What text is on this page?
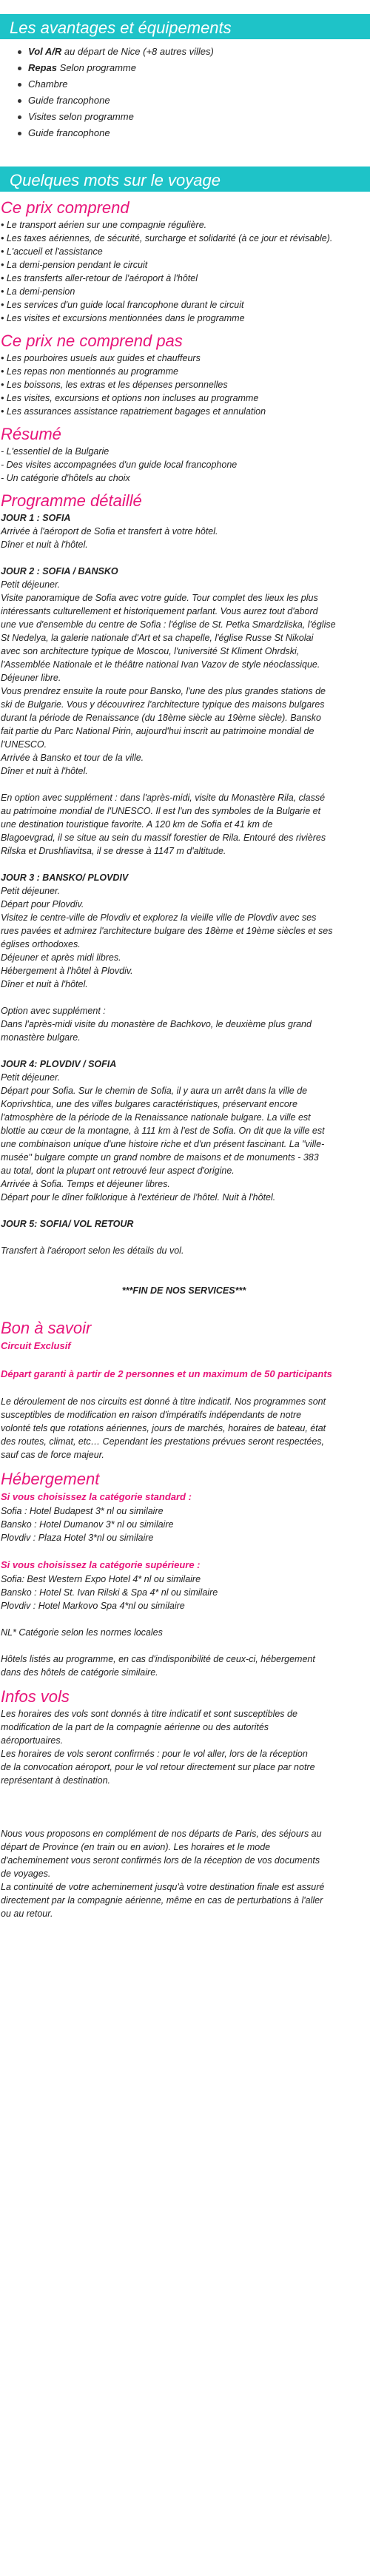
Les avantages et équipements
Vol A/R au départ de Nice (+8 autres villes)
Repas Selon programme
Chambre
Guide francophone
Visites selon programme
Guide francophone
Quelques mots sur le voyage
Ce prix comprend
• Le transport aérien sur une compagnie régulière.
• Les taxes aériennes, de sécurité, surcharge et solidarité (à ce jour et révisable).
• L'accueil et l'assistance
• La demi-pension pendant le circuit
• Les transferts aller-retour de l'aéroport à l'hôtel
• La demi-pension
• Les services d'un guide local francophone durant le circuit
• Les visites et excursions mentionnées dans le programme
Ce prix ne comprend pas
• Les pourboires usuels aux guides et chauffeurs
• Les repas non mentionnés au programme
• Les boissons, les extras et les dépenses personnelles
• Les visites, excursions et options non incluses au programme
• Les assurances assistance rapatriement bagages et annulation
Résumé
- L'essentiel de la Bulgarie
- Des visites accompagnées d'un guide local francophone
- Un catégorie d'hôtels au choix
Programme détaillé
JOUR 1 : SOFIA
Arrivée à l'aéroport de Sofia et transfert à votre hôtel.
Dîner et nuit à l'hôtel.

JOUR 2 : SOFIA / BANSKO
Petit déjeuner.
Visite panoramique de Sofia avec votre guide. Tour complet des lieux les plus
intéressants culturellement et historiquement parlant. Vous aurez tout d'abord
une vue d'ensemble du centre de Sofia : l'église de St. Petka Smardzliska, l'église
St Nedelya, la galerie nationale d'Art et sa chapelle, l'église Russe St Nikolai
avec son architecture typique de Moscou, l'université St Kliment Ohrdski,
l'Assemblée Nationale et le théâtre national Ivan Vazov de style néoclassique.
Déjeuner libre.
Vous prendrez ensuite la route pour Bansko, l'une des plus grandes stations de
ski de Bulgarie. Vous y découvrirez l'architecture typique des maisons bulgares
durant la période de Renaissance (du 18ème siècle au 19ème siècle). Bansko
fait partie du Parc National Pirin, aujourd'hui inscrit au patrimoine mondial de
l'UNESCO.
Arrivée à Bansko et tour de la ville.
Dîner et nuit à l'hôtel.

En option avec supplément : dans l'après-midi, visite du Monastère Rila, classé
au patrimoine mondial de l'UNESCO. Il est l'un des symboles de la Bulgarie et
une destination touristique favorite. A 120 km de Sofia et 41 km de
Blagoevgrad, il se situe au sein du massif forestier de Rila. Entouré des rivières
Rilska et Drushliavitsa, il se dresse à 1147 m d'altitude.

JOUR 3 : BANSKO/ PLOVDIV
Petit déjeuner.
Départ pour Plovdiv.
Visitez le centre-ville de Plovdiv et explorez la vieille ville de Plovdiv avec ses
rues pavées et admirez l'architecture bulgare des 18ème et 19ème siècles et ses
églises orthodoxes.
Déjeuner et après midi libres.
Hébergement à l'hôtel à Plovdiv.
Dîner et nuit à l'hôtel.

Option avec supplément :
Dans l'après-midi visite du monastère de Bachkovo, le deuxième plus grand
monastère bulgare.

JOUR 4: PLOVDIV / SOFIA
Petit déjeuner.
Départ pour Sofia. Sur le chemin de Sofia, il y aura un arrêt dans la ville de
Koprivshtica, une des villes bulgares caractéristiques, préservant encore
l'atmosphère de la période de la Renaissance nationale bulgare. La ville est
blottie au cœur de la montagne, à 111 km à l'est de Sofia. On dit que la ville est
une combinaison unique d'une histoire riche et d'un présent fascinant. La "ville-
musée" bulgare compte un grand nombre de maisons et de monuments - 383
au total, dont la plupart ont retrouvé leur aspect d'origine.
Arrivée à Sofia. Temps et déjeuner libres.
Départ pour le dîner folklorique à l'extérieur de l'hôtel. Nuit à l'hôtel.

JOUR 5: SOFIA/ VOL RETOUR

Transfert à l'aéroport selon les détails du vol.
***FIN DE NOS SERVICES***
Bon à savoir
Circuit Exclusif
Départ garanti à partir de 2 personnes et un maximum de 50 participants
Le déroulement de nos circuits est donné à titre indicatif. Nos programmes sont
susceptibles de modification en raison d'impératifs indépendants de notre
volonté tels que rotations aériennes, jours de marchés, horaires de bateau, état
des routes, climat, etc… Cependant les prestations prévues seront respectées,
sauf cas de force majeur.
Hébergement
Si vous choisissez la catégorie standard :
Sofia : Hotel Budapest 3* nl ou similaire
Bansko : Hotel Dumanov 3* nl ou similaire
Plovdiv : Plaza Hotel 3*nl ou similaire
Si vous choisissez la catégorie supérieure :
Sofia: Best Western Expo Hotel 4* nl ou similaire
Bansko : Hotel St. Ivan Rilski & Spa 4* nl ou similaire
Plovdiv : Hotel Markovo Spa 4*nl ou similaire
NL* Catégorie selon les normes locales
Hôtels listés au programme, en cas d'indisponibilité de ceux-ci, hébergement
dans des hôtels de catégorie similaire.
Infos vols
Les horaires des vols sont donnés à titre indicatif et sont susceptibles de
modification de la part de la compagnie aérienne ou des autorités
aéroportuaires.
Les horaires de vols seront confirmés : pour le vol aller, lors de la réception
de la convocation aéroport, pour le vol retour directement sur place par notre
représentant à destination.

Nous vous proposons en complément de nos départs de Paris, des séjours au
départ de Province (en train ou en avion). Les horaires et le mode
d'acheminement vous seront confirmés lors de la réception de vos documents
de voyages.
La continuité de votre acheminement jusqu'à votre destination finale est assuré
directement par la compagnie aérienne, même en cas de perturbations à l'aller
ou au retour.
